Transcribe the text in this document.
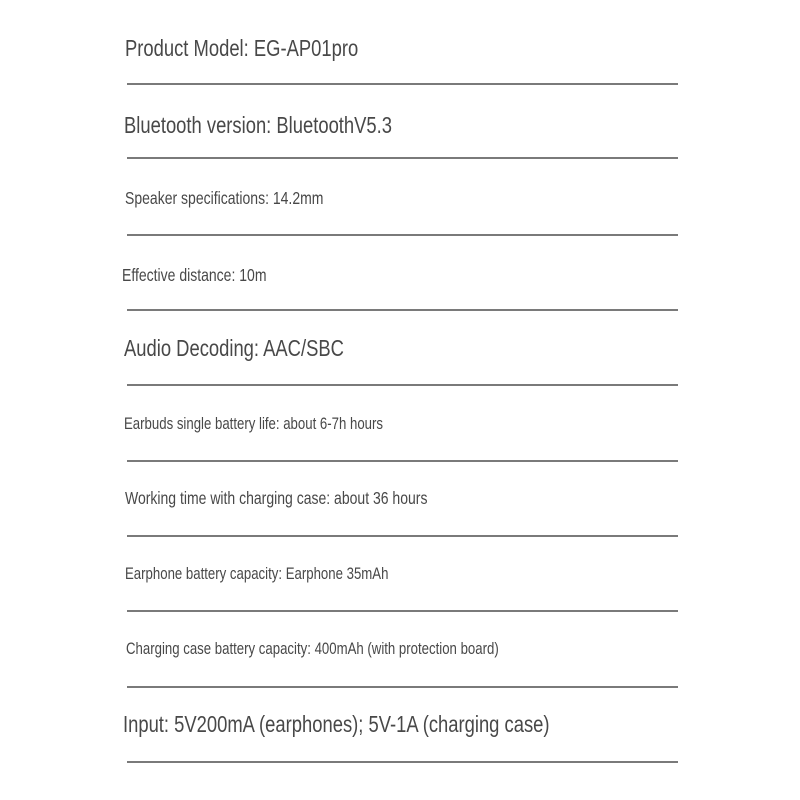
Product Model: EG-AP01pro
Bluetooth version: BluetoothV5.3
Speaker specifications: 14.2mm
Effective distance: 10m
Audio Decoding: AAC/SBC
Earbuds single battery life: about 6-7h hours
Working time with charging case: about 36 hours
Earphone battery capacity: Earphone 35mAh
Charging case battery capacity: 400mAh (with protection board)
Input: 5V200mA (earphones); 5V-1A (charging case)
